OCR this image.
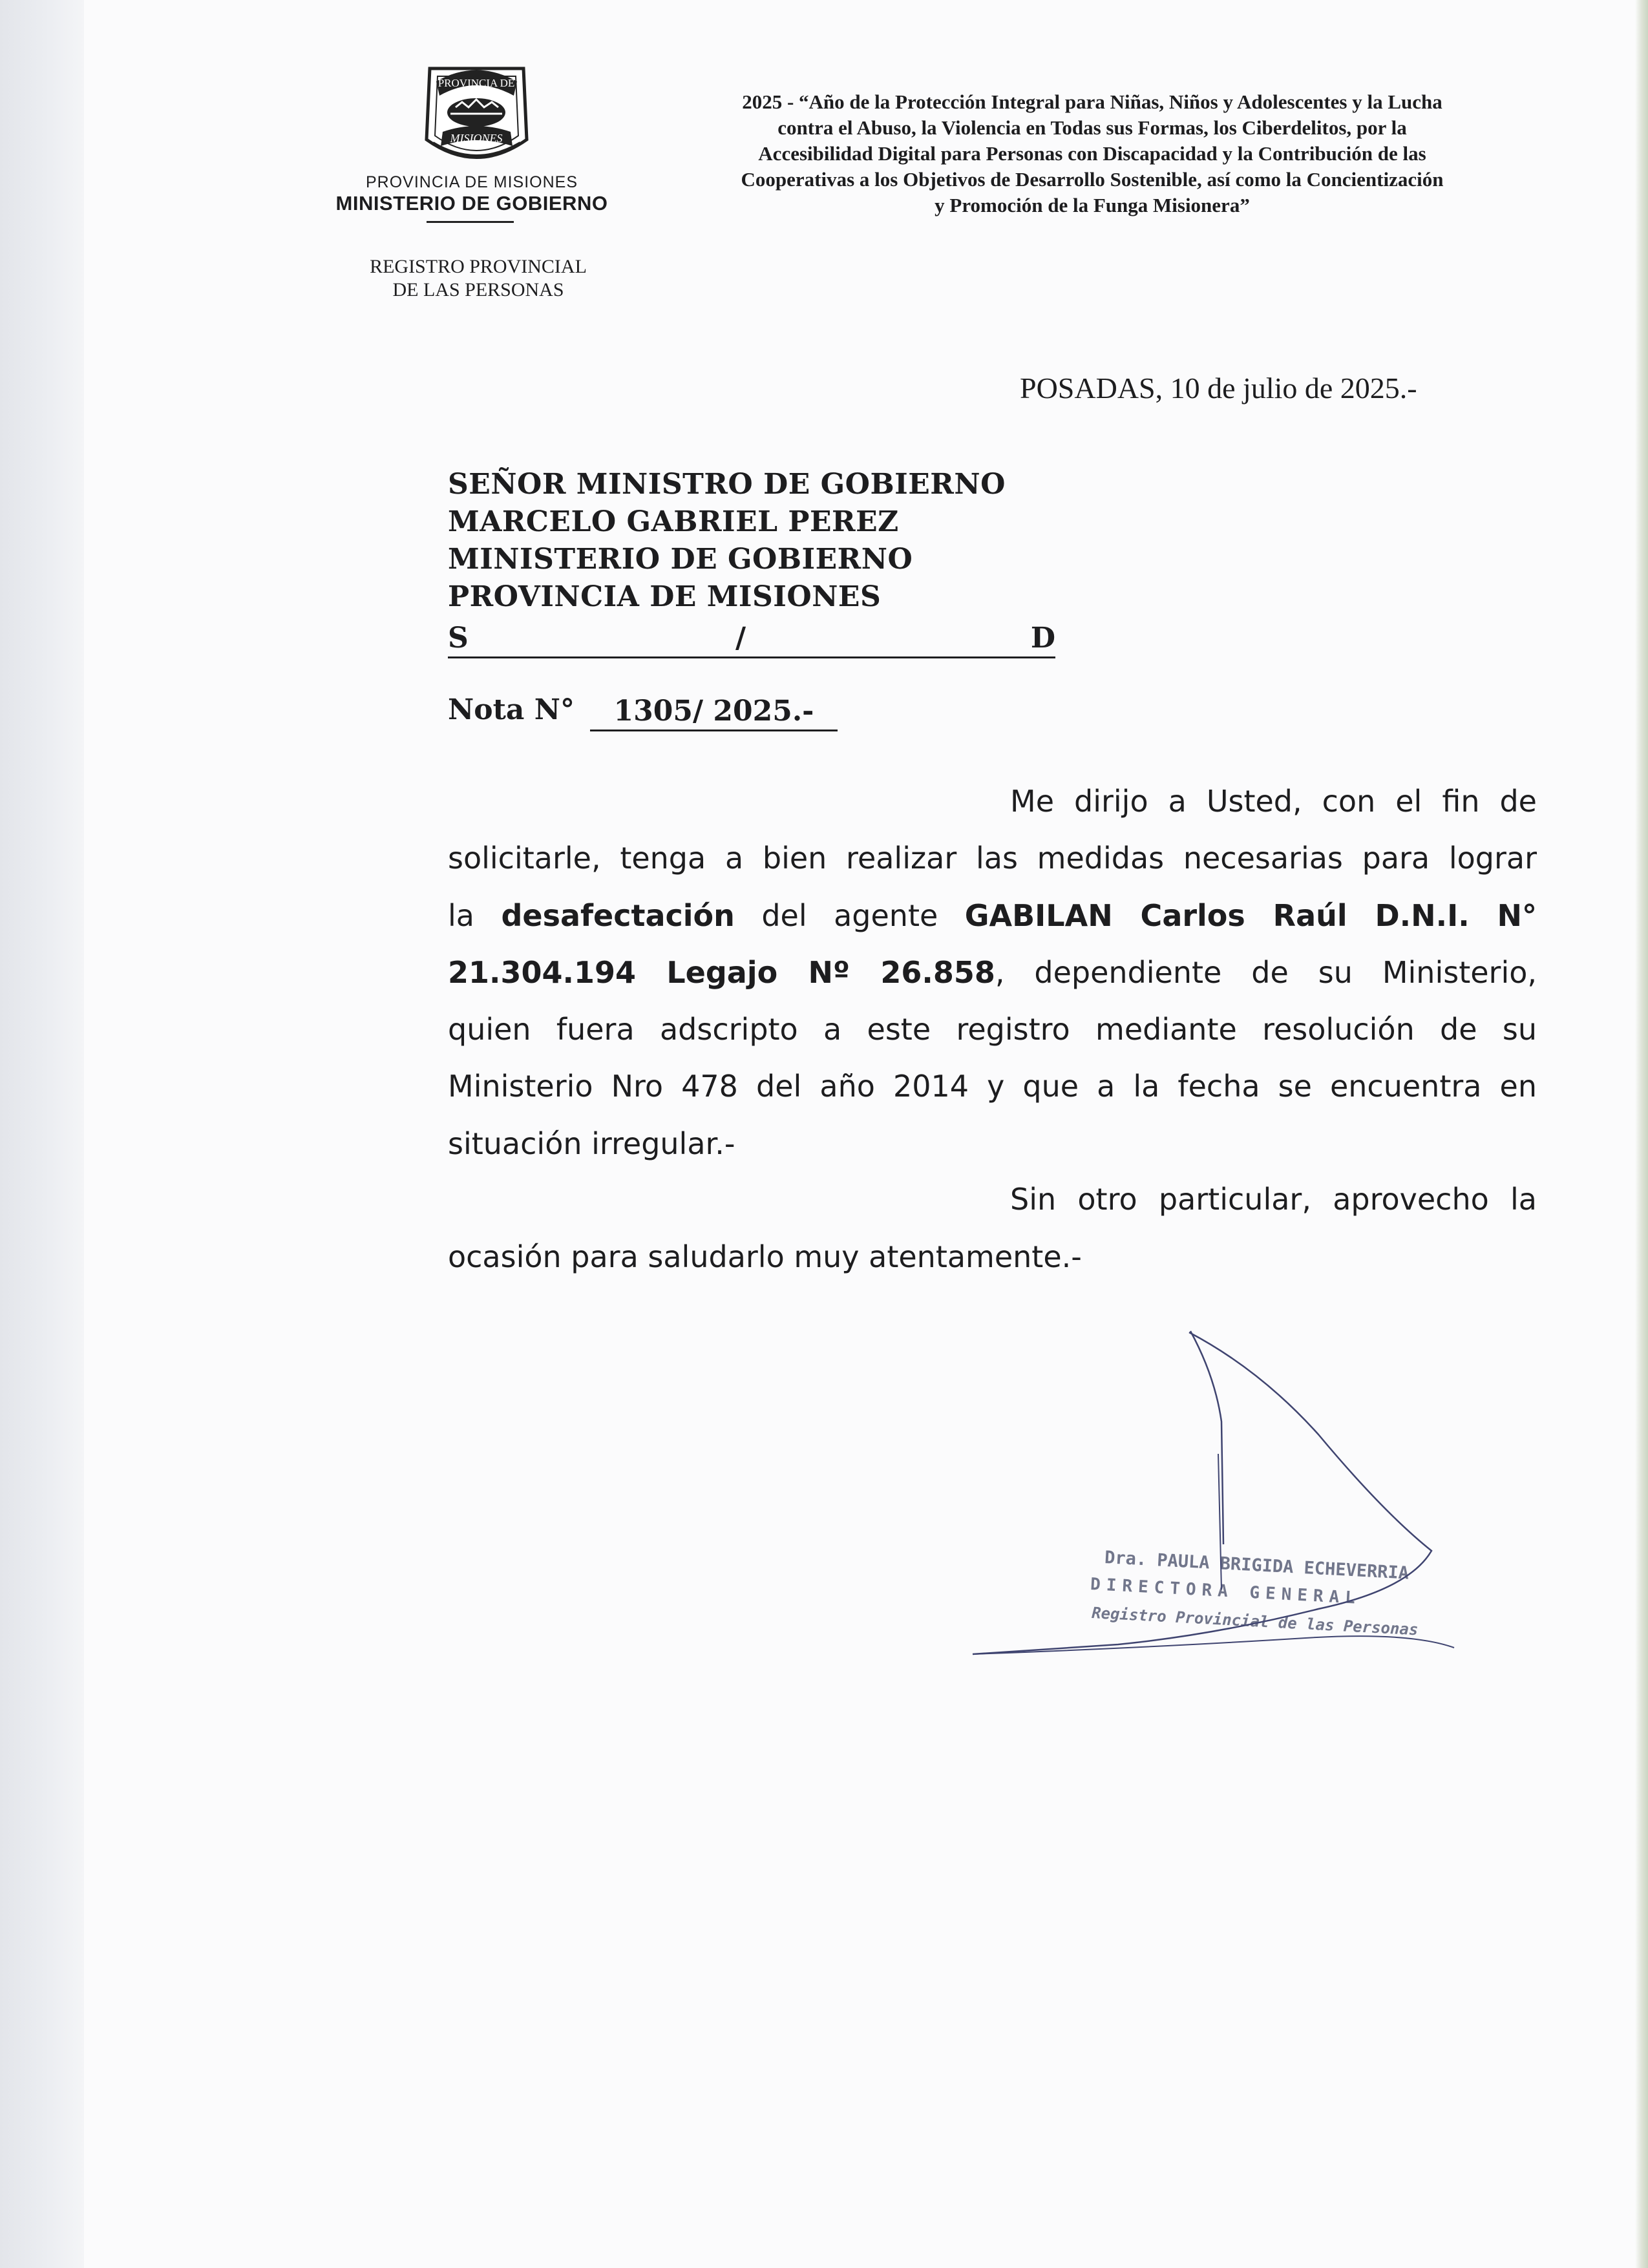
PROVINCIA DE
MISIONES
PROVINCIA DE MISIONES
MINISTERIO DE GOBIERNO
REGISTRO PROVINCIAL
DE LAS PERSONAS
2025 - “Año de la Protección Integral para Niñas, Niños y Adolescentes y la Lucha
contra el Abuso, la Violencia en Todas sus Formas, los Ciberdelitos, por la
Accesibilidad Digital para Personas con Discapacidad y la Contribución de las
Cooperativas a los Objetivos de Desarrollo Sostenible, así como la Concientización
y Promoción de la Funga Misionera”
POSADAS, 10 de julio de 2025.-
SEÑOR MINISTRO DE GOBIERNO
MARCELO GABRIEL PEREZ
MINISTERIO DE GOBIERNO
PROVINCIA DE MISIONES
S	/	D
Nota N°	1305/ 2025.-
Me dirijo a Usted, con el fin de
solicitarle, tenga a bien realizar las medidas necesarias para lograr
la desafectación del agente GABILAN Carlos Raúl D.N.I. N°
21.304.194 Legajo Nº 26.858, dependiente de su Ministerio,
quien fuera adscripto a este registro mediante resolución de su
Ministerio Nro 478 del año 2014 y que a la fecha se encuentra en
situación irregular.-
Sin otro particular, aprovecho la
ocasión para saludarlo muy atentamente.-
Dra. PAULA BRIGIDA ECHEVERRIA
DIRECTORA GENERAL
Registro Provincial de las Personas
